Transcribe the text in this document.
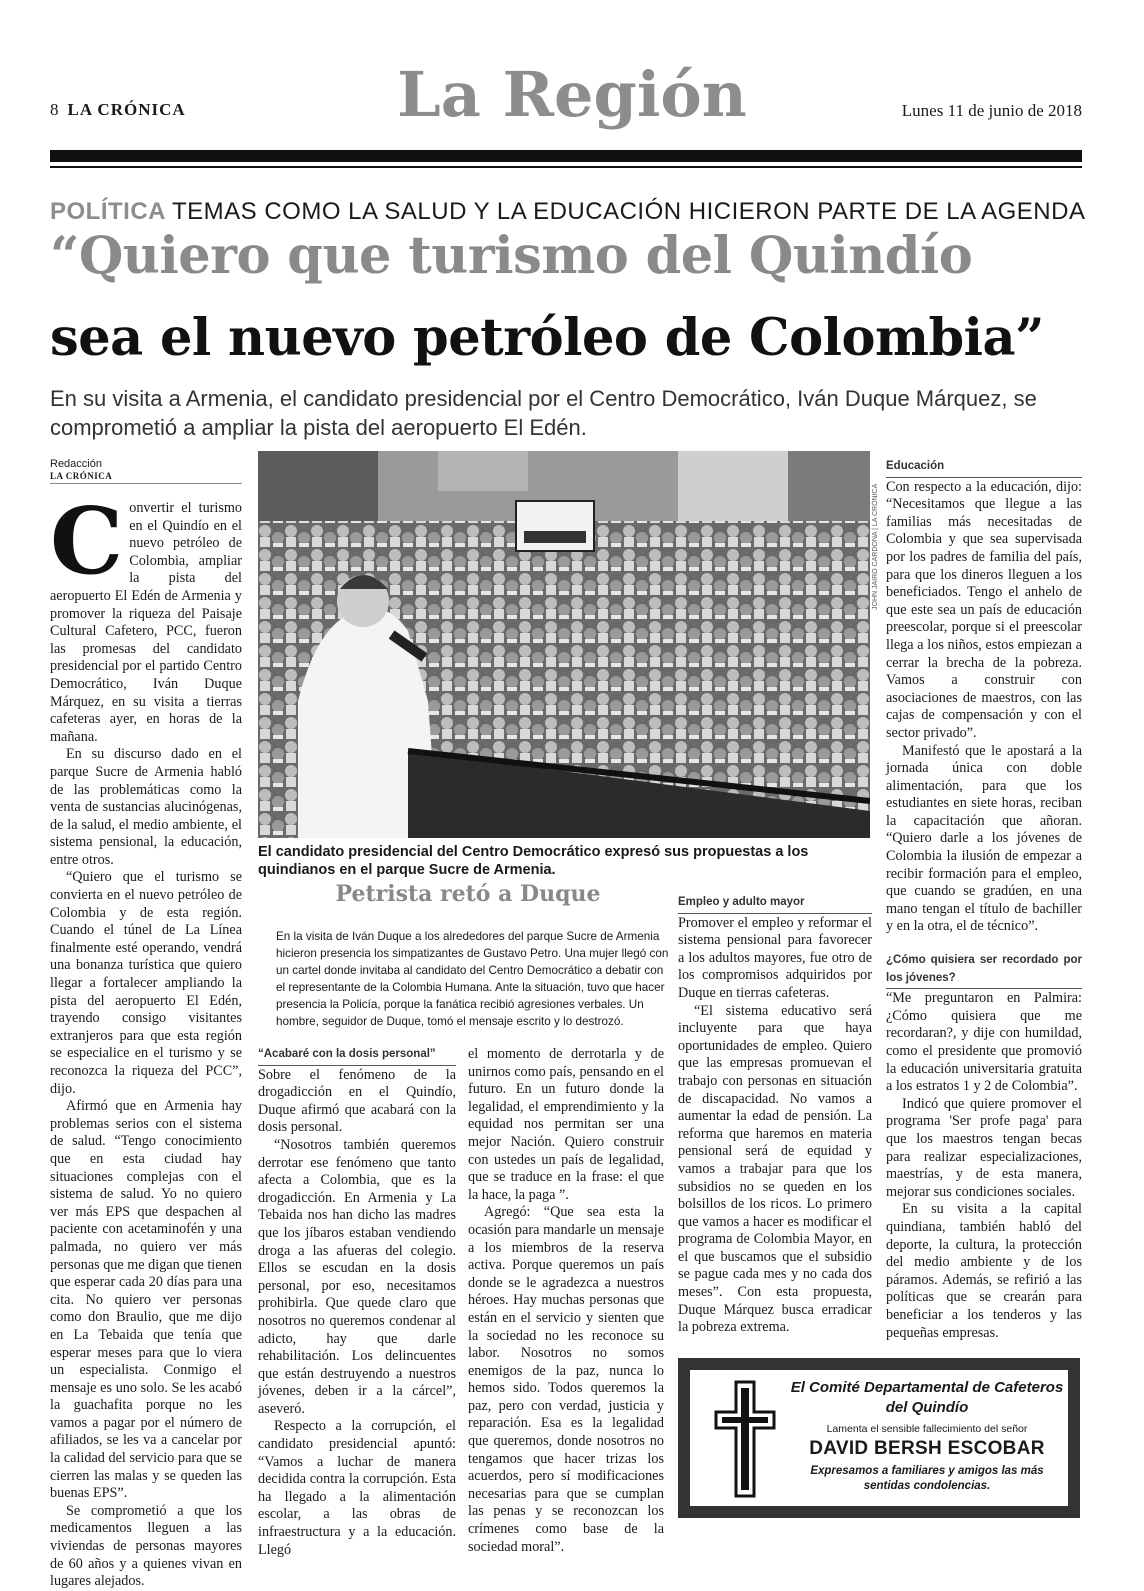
8 LA CRÓNICA	La Región	Lunes 11 de junio de 2018
POLÍTICA TEMAS COMO LA SALUD Y LA EDUCACIÓN HICIERON PARTE DE LA AGENDA
“Quiero que turismo del Quindío
sea el nuevo petróleo de Colombia”
En su visita a Armenia, el candidato presidencial por el Centro Democrático, Iván Duque Márquez, se comprometió a ampliar la pista del aeropuerto El Edén.
Redacción
LA CRÓNICA
C onvertir el turismo en el Quindío en el nuevo petróleo de Colombia, ampliar la pista del aeropuerto El Edén de Armenia y promover la riqueza del Paisaje Cultural Cafetero, PCC, fueron las promesas del candidato presidencial por el partido Centro Democrático, Iván Duque Márquez, en su visita a tierras cafeteras ayer, en horas de la mañana.

En su discurso dado en el parque Sucre de Armenia habló de las problemáticas como la venta de sustancias alucinógenas, de la salud, el medio ambiente, el sistema pensional, la educación, entre otros.

“Quiero que el turismo se convierta en el nuevo petróleo de Colombia y de esta región. Cuando el túnel de La Línea finalmente esté operando, vendrá una bonanza turística que quiero llegar a fortalecer ampliando la pista del aeropuerto El Edén, trayendo consigo visitantes extranjeros para que esta región se especialice en el turismo y se reconozca la riqueza del PCC”, dijo.

Afirmó que en Armenia hay problemas serios con el sistema de salud. “Tengo conocimiento que en esta ciudad hay situaciones complejas con el sistema de salud. Yo no quiero ver más EPS que despachen al paciente con acetaminofén y una palmada, no quiero ver más personas que me digan que tienen que esperar cada 20 días para una cita. No quiero ver personas como don Braulio, que me dijo en La Tebaida que tenía que esperar meses para que lo viera un especialista. Conmigo el mensaje es uno solo. Se les acabó la guachafita porque no les vamos a pagar por el número de afiliados, se les va a cancelar por la calidad del servicio para que se cierren las malas y se queden las buenas EPS”.

Se comprometió a que los medicamentos lleguen a las viviendas de personas mayores de 60 años y a quienes vivan en lugares alejados.

JOHN JAIRO CARDONA | LA CRÓNICA
El candidato presidencial del Centro Democrático expresó sus propuestas a los quindianos en el parque Sucre de Armenia.
Petrista retó a Duque
En la visita de Iván Duque a los alrededores del parque Sucre de Armenia hicieron presencia los simpatizantes de Gustavo Petro. Una mujer llegó con un cartel donde invitaba al candidato del Centro Democrático a debatir con el representante de la Colombia Humana. Ante la situación, tuvo que hacer presencia la Policía, porque la fanática recibió agresiones verbales. Un hombre, seguidor de Duque, tomó el mensaje escrito y lo destrozó.
“Acabaré con la dosis personal”

Sobre el fenómeno de la drogadicción en el Quindío, Duque afirmó que acabará con la dosis personal.

“Nosotros también queremos derrotar ese fenómeno que tanto afecta a Colombia, que es la drogadicción. En Armenia y La Tebaida nos han dicho las madres que los jíbaros estaban vendiendo droga a las afueras del colegio. Ellos se escudan en la dosis personal, por eso, necesitamos prohibirla. Que quede claro que nosotros no queremos condenar al adicto, hay que darle rehabilitación. Los delincuentes que están destruyendo a nuestros jóvenes, deben ir a la cárcel”, aseveró.

Respecto a la corrupción, el candidato presidencial apuntó: “Vamos a luchar de manera decidida contra la corrupción. Esta ha llegado a la alimentación escolar, a las obras de infraestructura y a la educación. Llegó

el momento de derrotarla y de unirnos como país, pensando en el futuro. En un futuro donde la legalidad, el emprendimiento y la equidad nos permitan ser una mejor Nación. Quiero construir con ustedes un país de legalidad, que se traduce en la frase: el que la hace, la paga ”.

Agregó: “Que sea esta la ocasión para mandarle un mensaje a los miembros de la reserva activa. Porque queremos un país donde se le agradezca a nuestros héroes. Hay muchas personas que están en el servicio y sienten que la sociedad no les reconoce su labor. Nosotros no somos enemigos de la paz, nunca lo hemos sido. Todos queremos la paz, pero con verdad, justicia y reparación. Esa es la legalidad que queremos, donde nosotros no tengamos que hacer trizas los acuerdos, pero sí modificaciones necesarias para que se cumplan las penas y se reconozcan los crímenes como base de la sociedad moral”.

Empleo y adulto mayor

Promover el empleo y reformar el sistema pensional para favorecer a los adultos mayores, fue otro de los compromisos adquiridos por Duque en tierras cafeteras.

“El sistema educativo será incluyente para que haya oportunidades de empleo. Quiero que las empresas promuevan el trabajo con personas en situación de discapacidad. No vamos a aumentar la edad de pensión. La reforma que haremos en materia pensional será de equidad y vamos a trabajar para que los subsidios no se queden en los bolsillos de los ricos. Lo primero que vamos a hacer es modificar el programa de Colombia Mayor, en el que buscamos que el subsidio se pague cada mes y no cada dos meses”. Con esta propuesta, Duque Márquez busca erradicar la pobreza extrema.

Educación

Con respecto a la educación, dijo: “Necesitamos que llegue a las familias más necesitadas de Colombia y que sea supervisada por los padres de familia del país, para que los dineros lleguen a los beneficiados. Tengo el anhelo de que este sea un país de educación preescolar, porque si el preescolar llega a los niños, estos empiezan a cerrar la brecha de la pobreza. Vamos a construir con asociaciones de maestros, con las cajas de compensación y con el sector privado”.

Manifestó que le apostará a la jornada única con doble alimentación, para que los estudiantes en siete horas, reciban la capacitación que añoran. “Quiero darle a los jóvenes de Colombia la ilusión de empezar a recibir formación para el empleo, que cuando se gradúen, en una mano tengan el título de bachiller y en la otra, el de técnico”.

¿Cómo quisiera ser recordado por los jóvenes?

“Me preguntaron en Palmira: ¿Cómo quisiera que me recordaran?, y dije con humildad, como el presidente que promovió la educación universitaria gratuita a los estratos 1 y 2 de Colombia”.

Indicó que quiere promover el programa 'Ser profe paga' para que los maestros tengan becas para realizar especializaciones, maestrías, y de esta manera, mejorar sus condiciones sociales.

En su visita a la capital quindiana, también habló del deporte, la cultura, la protección del medio ambiente y de los páramos. Además, se refirió a las políticas que se crearán para beneficiar a los tenderos y las pequeñas empresas.

El Comité Departamental de Cafeteros del Quindío
Lamenta el sensible fallecimiento del señor
DAVID BERSH ESCOBAR
Expresamos a familiares y amigos las más sentidas condolencias.
